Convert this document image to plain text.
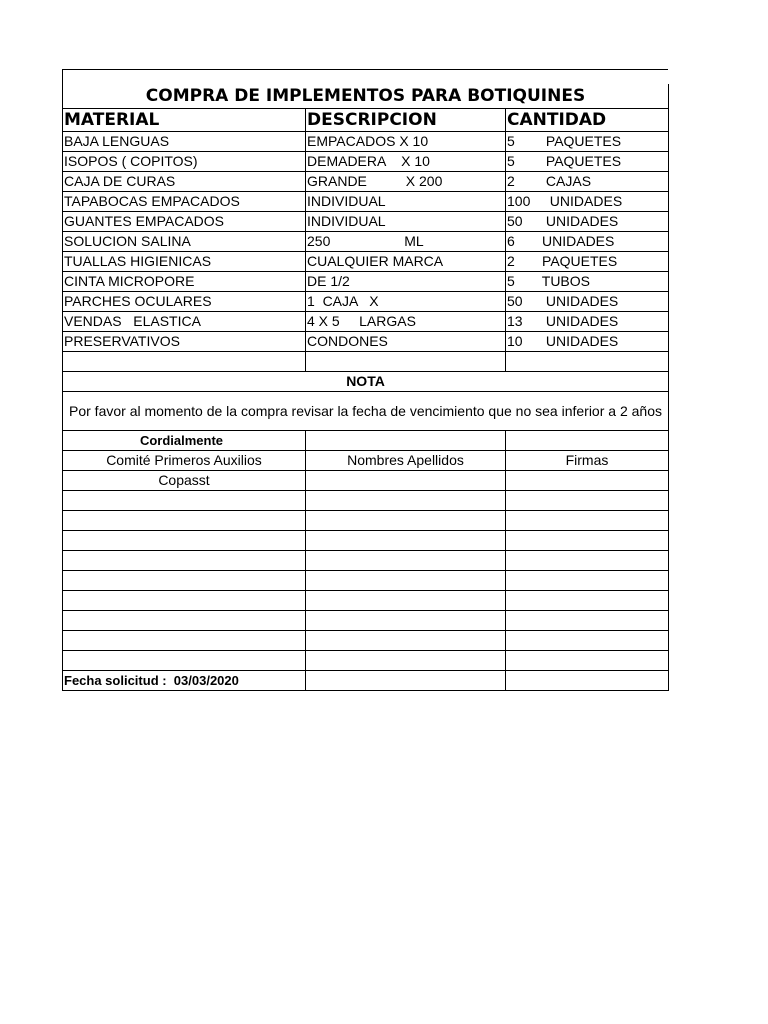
COMPRA DE IMPLEMENTOS PARA BOTIQUINES		
MATERIAL	DESCRIPCION	CANTIDAD
BAJA LENGUAS	EMPACADOS X 10	5        PAQUETES
ISOPOS ( COPITOS)	DEMADERA    X 10	5        PAQUETES
CAJA DE CURAS	GRANDE          X 200	2        CAJAS
TAPABOCAS EMPACADOS	INDIVIDUAL	100     UNIDADES
GUANTES EMPACADOS	INDIVIDUAL	50      UNIDADES
SOLUCION SALINA	250                   ML	6       UNIDADES
TUALLAS HIGIENICAS	CUALQUIER MARCA	2       PAQUETES
CINTA MICROPORE	DE 1/2	5       TUBOS
PARCHES OCULARES	1  CAJA   X	50      UNIDADES
VENDAS   ELASTICA	4 X 5     LARGAS	13      UNIDADES
PRESERVATIVOS	CONDONES	10      UNIDADES

NOTA		
Por favor al momento de la compra revisar la fecha de vencimiento que no sea inferior a 2 años		
Cordialmente		
Comité Primeros Auxilios	Nombres Apellidos	Firmas
Copasst		

Fecha solicitud :  03/03/2020		
